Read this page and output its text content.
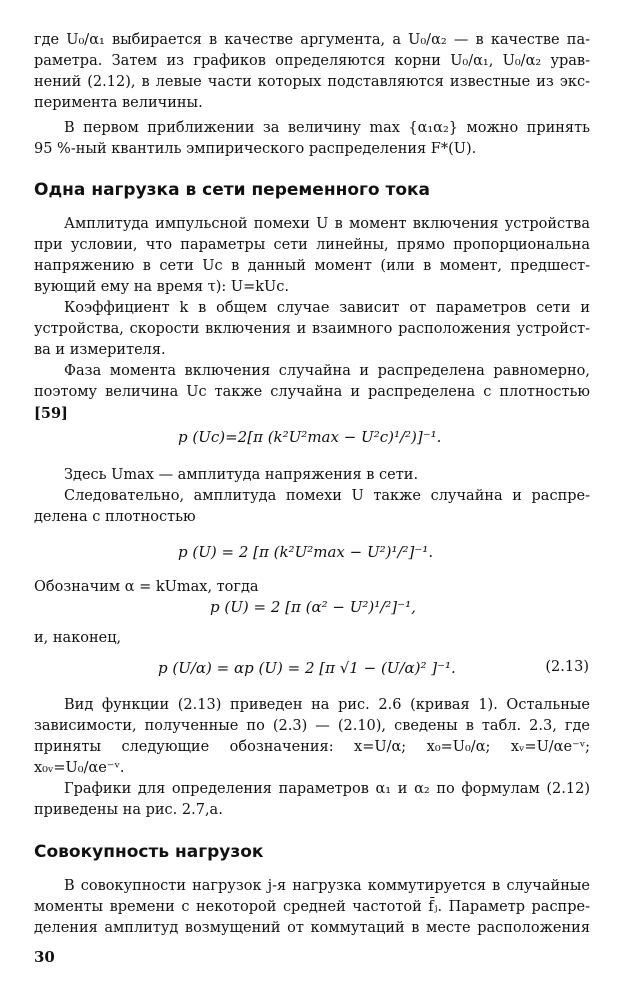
где U₀/α₁ выбирается в качестве аргумента, а U₀/α₂ — в качестве па-
раметра. Затем из графиков определяются корни U₀/α₁, U₀/α₂ урав-
нений (2.12), в левые части которых подставляются известные из экс-
перимента величины.
В первом приближении за величину max {α₁α₂} можно принять
95 %-ный квантиль эмпирического распределения F*(U).
Одна нагрузка в сети переменного тока
Амплитуда импульсной помехи U в момент включения устройства
при условии, что параметры сети линейны, прямо пропорциональна
напряжению в сети Uс в данный момент (или в момент, предшест-
вующий ему на время τ): U=kUс.
Коэффициент k в общем случае зависит от параметров сети и
устройства, скорости включения и взаимного расположения устройст-
ва и измерителя.
Фаза момента включения случайна и распределена равномерно,
поэтому величина Uс также случайна и распределена с плотностью
[59]
p (Uс)=2[π (k²U²max − U²с)¹/²)]⁻¹.
Здесь Umax — амплитуда напряжения в сети.
Следовательно, амплитуда помехи U также случайна и распре-
делена с плотностью
p (U) = 2 [π (k²U²max − U²)¹/²]⁻¹.
Обозначим α = kUmax, тогда
p (U) = 2 [π (α² − U²)¹/²]⁻¹,
и, наконец,
p (U/α) = αp (U) = 2 [π √1 − (U/α)² ]⁻¹.	(2.13)
Вид функции (2.13) приведен на рис. 2.6 (кривая 1). Остальные
зависимости, полученные по (2.3) — (2.10), сведены в табл. 2.3, где
приняты следующие обозначения: x=U/α; x₀=U₀/α; xᵥ=U/αe⁻ᵛ;
x₀ᵥ=U₀/αe⁻ᵛ.
Графики для определения параметров α₁ и α₂ по формулам (2.12)
приведены на рис. 2.7,а.
Совокупность нагрузок
В совокупности нагрузок j-я нагрузка коммутируется в случайные
моменты времени с некоторой средней частотой f̄ⱼ. Параметр распре-
деления амплитуд возмущений от коммутаций в месте расположения
30
